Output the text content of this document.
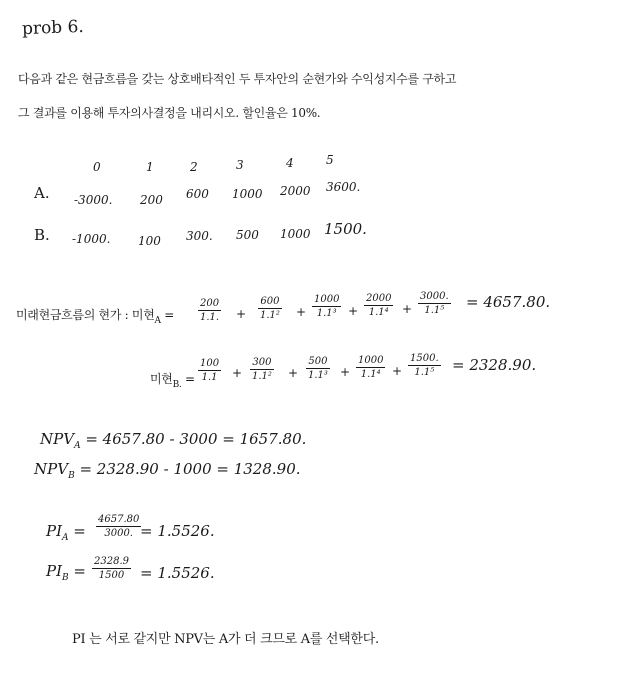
prob 6.
다음과 같은 현금흐름을 갖는 상호배타적인 두 투자안의 순현가와 수익성지수를 구하고
그 결과를 이용해 투자의사결정을 내리시오. 할인율은 10%.
0	1	2	3	4	5
A. -3000. 200 600 1000 2000 3600.
B. -1000. 100 300. 500 1000 1500.
미래현금흐름의 현가 : 미현$_A$ =
200
1.1. +
600
1.1² +
1000
1.1³ +
2000
1.1⁴ +
3000.
1.1⁵ = 4657.80.
미현$_{B.}$ =
100
1.1 +
300
1.1² +
500
1.1³ +
1000
1.1⁴ +
1500.
1.1⁵ = 2328.90.
$NPV_A = 4657.80 - 3000 = 1657.80$.
$NPV_B = 2328.90 - 1000 = 1328.90$.
$PI_A$ =
4657.80
3000. = 1.5526.
$PI_B$ =
2328.9
1500 = 1.5526.
PI 는 서로 같지만 NPV는 A가 더 크므로 A를 선택한다.
